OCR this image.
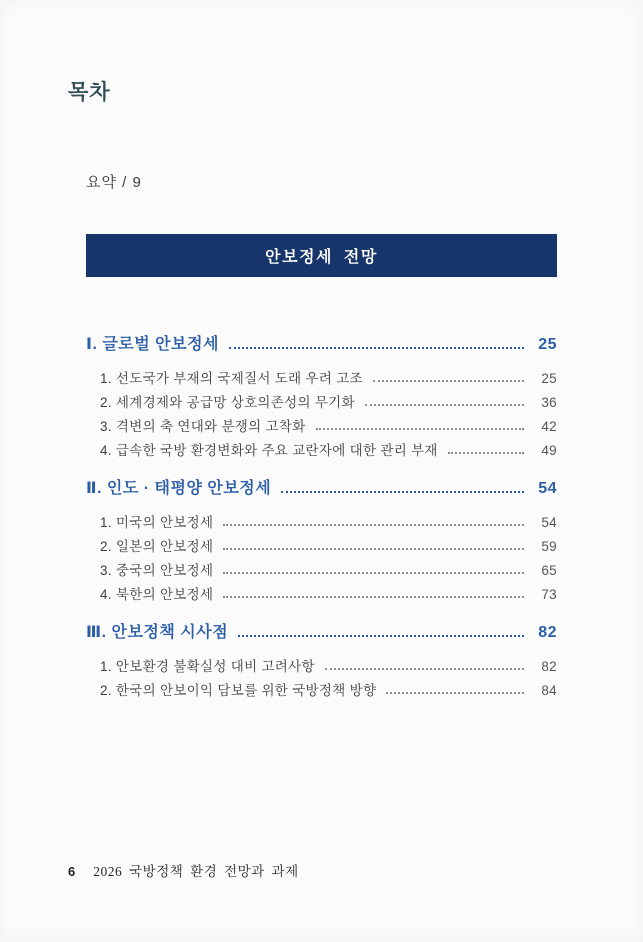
목차
요약 / 9
안보정세 전망
Ⅰ. 글로벌 안보정세	25
1. 선도국가 부재의 국제질서 도래 우려 고조	25
2. 세계경제와 공급망 상호의존성의 무기화	36
3. 격변의 축 연대와 분쟁의 고착화	42
4. 급속한 국방 환경변화와 주요 교란자에 대한 관리 부재	49
Ⅱ. 인도 · 태평양 안보정세	54
1. 미국의 안보정세	54
2. 일본의 안보정세	59
3. 중국의 안보정세	65
4. 북한의 안보정세	73
Ⅲ. 안보정책 시사점	82
1. 안보환경 불확실성 대비 고려사항	82
2. 한국의 안보이익 담보를 위한 국방정책 방향	84
6 2026 국방정책 환경 전망과 과제
